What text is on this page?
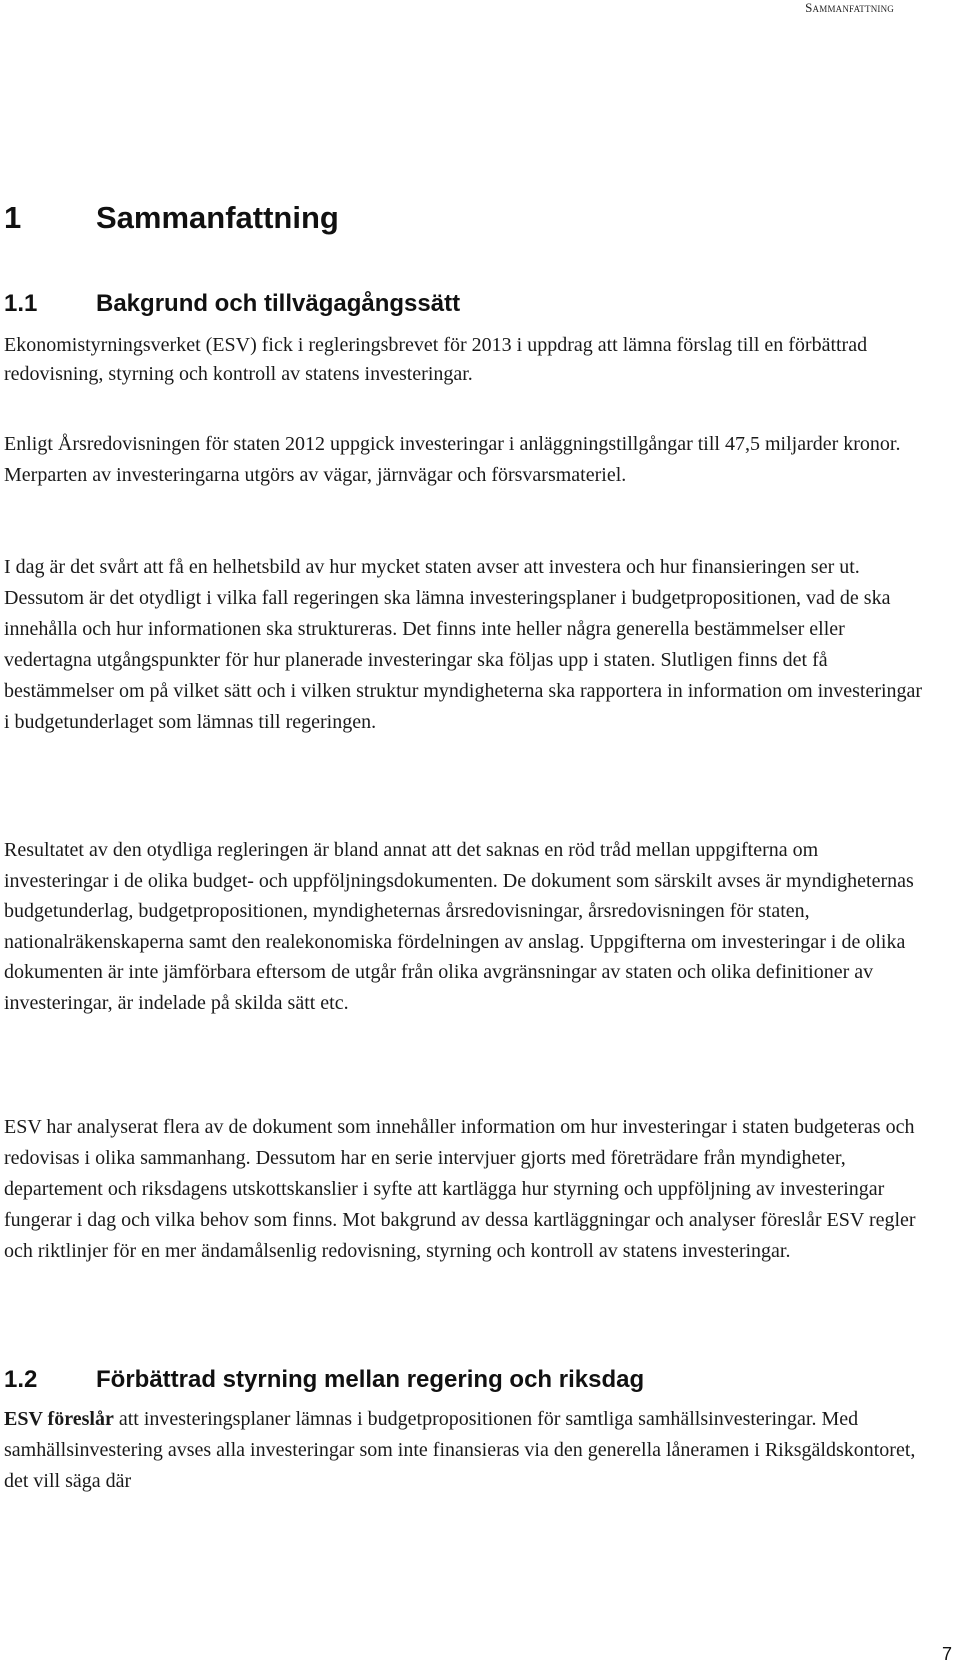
Sammanfattning
1	Sammanfattning
1.1	Bakgrund och tillvägagångssätt

Ekonomistyrningsverket (ESV) fick i regleringsbrevet för 2013 i uppdrag att lämna förslag till en förbättrad redovisning, styrning och kontroll av statens investeringar.

Enligt Årsredovisningen för staten 2012 uppgick investeringar i anläggningstillgångar till 47,5 miljarder kronor. Merparten av investeringarna utgörs av vägar, järnvägar och försvarsmateriel.

I dag är det svårt att få en helhetsbild av hur mycket staten avser att investera och hur finansieringen ser ut. Dessutom är det otydligt i vilka fall regeringen ska lämna investeringsplaner i budgetpropositionen, vad de ska innehålla och hur informationen ska struktureras. Det finns inte heller några generella bestämmelser eller vedertagna utgångspunkter för hur planerade investeringar ska följas upp i staten. Slutligen finns det få bestämmelser om på vilket sätt och i vilken struktur myndigheterna ska rapportera in information om investeringar i budgetunderlaget som lämnas till regeringen.

Resultatet av den otydliga regleringen är bland annat att det saknas en röd tråd mellan uppgifterna om investeringar i de olika budget- och uppföljningsdokumenten. De dokument som särskilt avses är myndigheternas budgetunderlag, budgetpropositionen, myndigheternas årsredovisningar, årsredovisningen för staten, nationalräkenskaperna samt den realekonomiska fördelningen av anslag. Uppgifterna om investeringar i de olika dokumenten är inte jämförbara eftersom de utgår från olika avgränsningar av staten och olika definitioner av investeringar, är indelade på skilda sätt etc.

ESV har analyserat flera av de dokument som innehåller information om hur investeringar i staten budgeteras och redovisas i olika sammanhang. Dessutom har en serie intervjuer gjorts med företrädare från myndigheter, departement och riksdagens utskottskanslier i syfte att kartlägga hur styrning och uppföljning av investeringar fungerar i dag och vilka behov som finns. Mot bakgrund av dessa kartläggningar och analyser föreslår ESV regler och riktlinjer för en mer ändamålsenlig redovisning, styrning och kontroll av statens investeringar.

1.2	Förbättrad styrning mellan regering och riksdag

ESV föreslår att investeringsplaner lämnas i budgetpropositionen för samtliga samhällsinvesteringar. Med samhällsinvestering avses alla investeringar som inte finansieras via den generella låneramen i Riksgäldskontoret, det vill säga där

7
